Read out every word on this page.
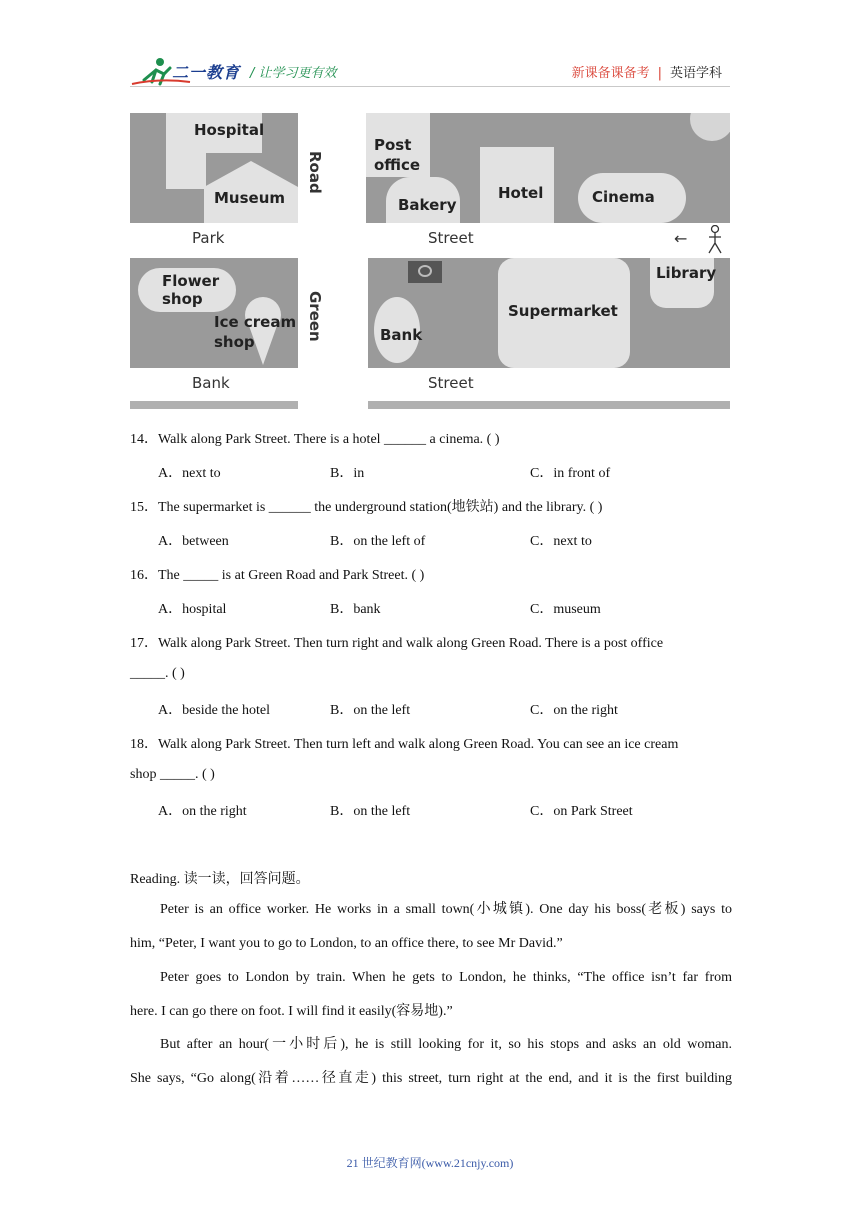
二一教育 / 让学习更有效	新课备课备考 | 英语学科
Hospital
Museum
Road
Green
Post
office
Bakery
Hotel	Cinema
Park	Street	←
Flower
shop
Ice cream
shop	Bank
Supermarket
Library
Bank	Street
14．Walk along Park Street. There is a hotel ______ a cinema. ( )
A．next to	B．in	C．in front of
15．The supermarket is ______ the underground station(地铁站) and the library. ( )
A．between	B．on the left of	C．next to
16．The _____ is at Green Road and Park Street. ( )
A．hospital	B．bank	C．museum
17．Walk along Park Street. Then turn right and walk along Green Road. There is a post office
_____. ( )
A．beside the hotel	B．on the left	C．on the right
18．Walk along Park Street. Then turn left and walk along Green Road. You can see an ice cream
shop _____. ( )
A．on the right	B．on the left	C．on Park Street
Reading. 读一读，回答问题。
Peter is an office worker. He works in a small town(小城镇). One day his boss(老板) says to
him, “Peter, I want you to go to London, to an office there, to see Mr David.”
Peter goes to London by train. When he gets to London, he thinks, “The office isn’t far from
here. I can go there on foot. I will find it easily(容易地).”
But after an hour(一小时后), he is still looking for it, so his stops and asks an old woman.
She says, “Go along(沿着……径直走) this street, turn right at the end, and it is the first building
21 世纪教育网(www.21cnjy.com)
